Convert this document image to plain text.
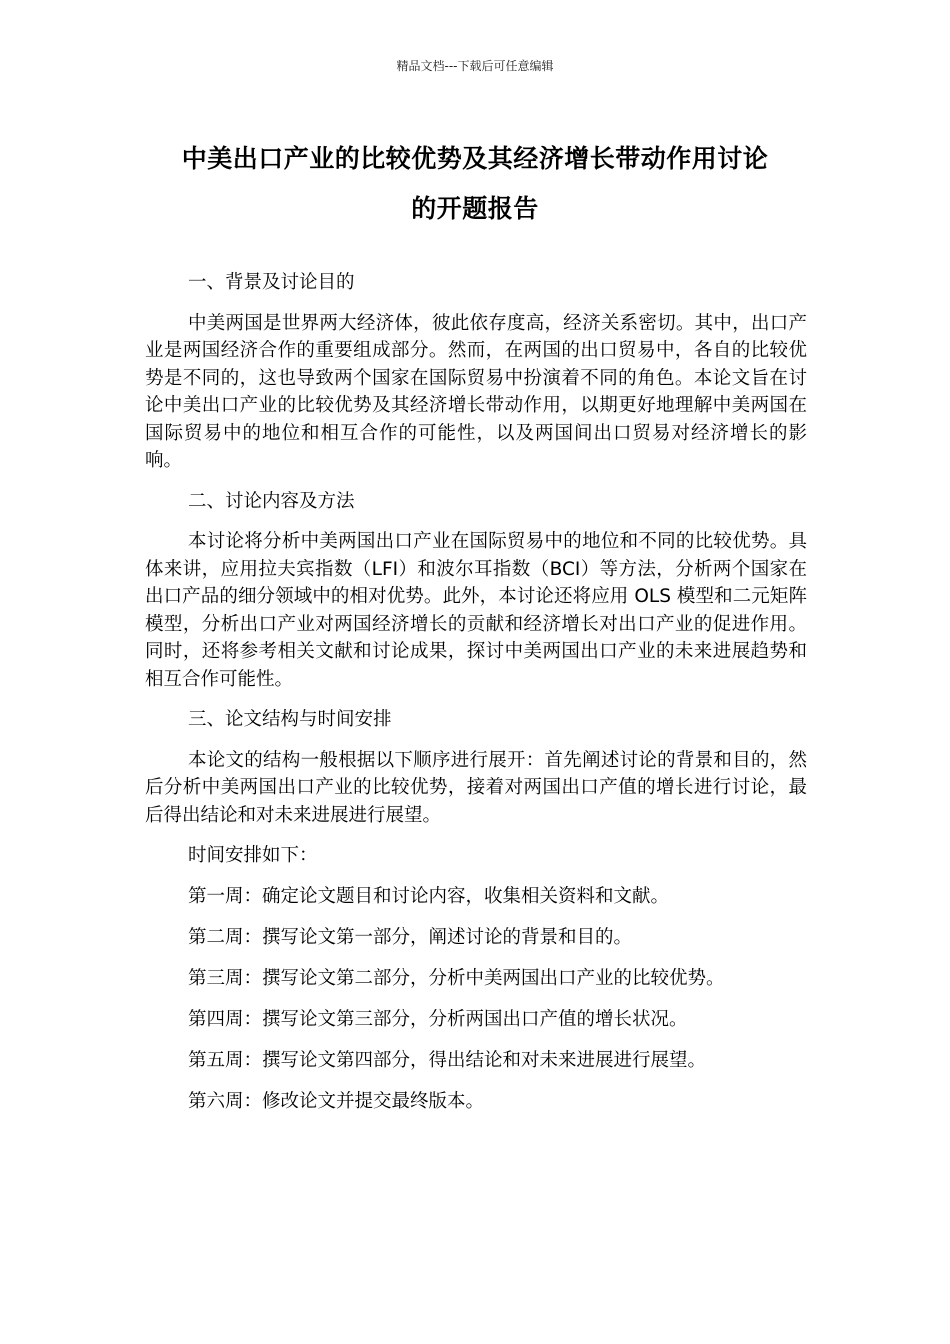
精品文档---下载后可任意编辑
中美出口产业的比较优势及其经济增长带动作用讨论
的开题报告
一、背景及讨论目的
中美两国是世界两大经济体，彼此依存度高，经济关系密切。其中，出口产业是两国经济合作的重要组成部分。然而，在两国的出口贸易中，各自的比较优势是不同的，这也导致两个国家在国际贸易中扮演着不同的角色。本论文旨在讨论中美出口产业的比较优势及其经济增长带动作用，以期更好地理解中美两国在国际贸易中的地位和相互合作的可能性，以及两国间出口贸易对经济增长的影响。
二、讨论内容及方法
本讨论将分析中美两国出口产业在国际贸易中的地位和不同的比较优势。具体来讲，应用拉夫宾指数（LFI）和波尔耳指数（BCI）等方法，分析两个国家在出口产品的细分领域中的相对优势。此外，本讨论还将应用 OLS 模型和二元矩阵模型，分析出口产业对两国经济增长的贡献和经济增长对出口产业的促进作用。同时，还将参考相关文献和讨论成果，探讨中美两国出口产业的未来进展趋势和相互合作可能性。
三、论文结构与时间安排
本论文的结构一般根据以下顺序进行展开：首先阐述讨论的背景和目的，然后分析中美两国出口产业的比较优势，接着对两国出口产值的增长进行讨论，最后得出结论和对未来进展进行展望。
时间安排如下：
第一周：确定论文题目和讨论内容，收集相关资料和文献。
第二周：撰写论文第一部分，阐述讨论的背景和目的。
第三周：撰写论文第二部分，分析中美两国出口产业的比较优势。
第四周：撰写论文第三部分，分析两国出口产值的增长状况。
第五周：撰写论文第四部分，得出结论和对未来进展进行展望。
第六周：修改论文并提交最终版本。
